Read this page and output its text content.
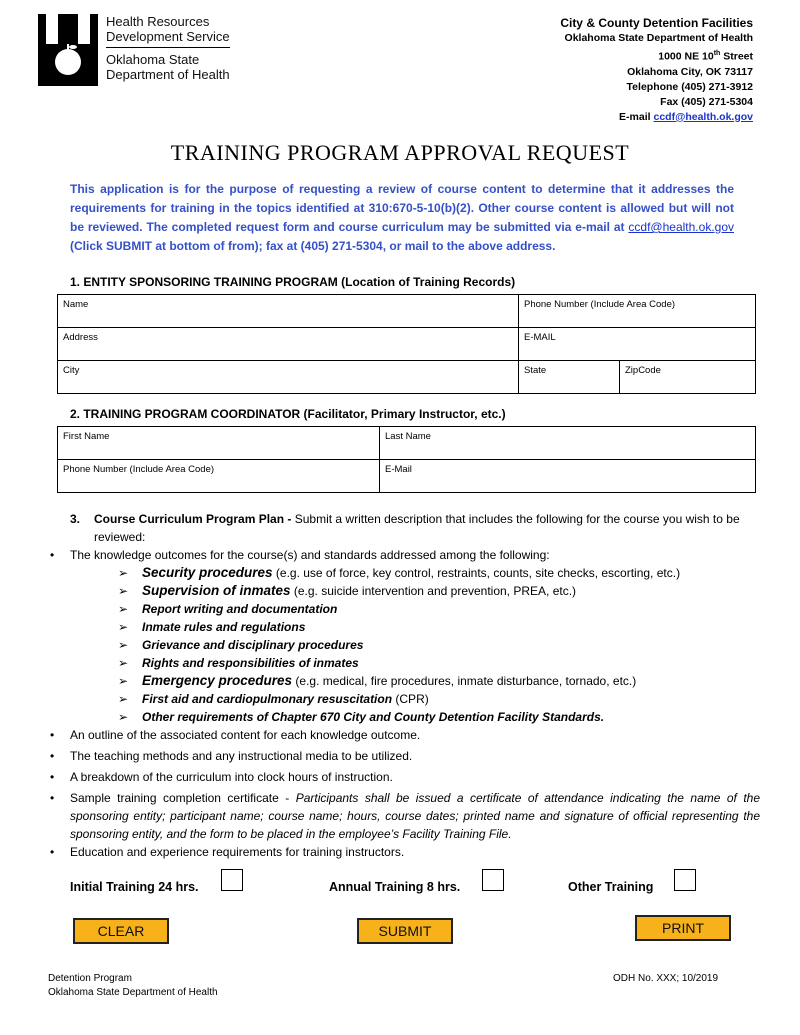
Health Resources
Development Service
Oklahoma State
Department of Health
City & County Detention Facilities
Oklahoma State Department of Health
1000 NE 10th Street
Oklahoma City, OK 73117
Telephone (405) 271-3912
Fax (405) 271-5304
E-mail ccdf@health.ok.gov
TRAINING PROGRAM APPROVAL REQUEST
This application is for the purpose of requesting a review of course content to determine that it addresses the requirements for training in the topics identified at 310:670-5-10(b)(2). Other course content is allowed but will not be reviewed. The completed request form and course curriculum may be submitted via e-mail at ccdf@health.ok.gov (Click SUBMIT at bottom of from); fax at (405) 271-5304, or mail to the above address.
1. ENTITY SPONSORING TRAINING PROGRAM (Location of Training Records)
Name	Phone Number (Include Area Code)	
Address	E-MAIL	
City	State	ZipCode
2. TRAINING PROGRAM COORDINATOR (Facilitator, Primary Instructor, etc.)
First Name	Last Name
Phone Number (Include Area Code)	E-Mail
3. Course Curriculum Program Plan - Submit a written description that includes the following for the course you wish to be reviewed:
• The knowledge outcomes for the course(s) and standards addressed among the following:
➢ Security procedures (e.g. use of force, key control, restraints, counts, site checks, escorting, etc.)
➢ Supervision of inmates (e.g. suicide intervention and prevention, PREA, etc.)
➢ Report writing and documentation
➢ Inmate rules and regulations
➢ Grievance and disciplinary procedures
➢ Rights and responsibilities of inmates
➢ Emergency procedures (e.g. medical, fire procedures, inmate disturbance, tornado, etc.)
➢ First aid and cardiopulmonary resuscitation (CPR)
➢ Other requirements of Chapter 670 City and County Detention Facility Standards.
• An outline of the associated content for each knowledge outcome.
• The teaching methods and any instructional media to be utilized.
• A breakdown of the curriculum into clock hours of instruction.
• Sample training completion certificate - Participants shall be issued a certificate of attendance indicating the name of the sponsoring entity; participant name; course name; hours, course dates; printed name and signature of official representing the sponsoring entity, and the form to be placed in the employee’s Facility Training File.
• Education and experience requirements for training instructors.
Initial Training 24 hrs.	Annual Training 8 hrs.	Other Training
CLEAR	SUBMIT	PRINT
Detention Program
Oklahoma State Department of Health
ODH No. XXX; 10/2019
